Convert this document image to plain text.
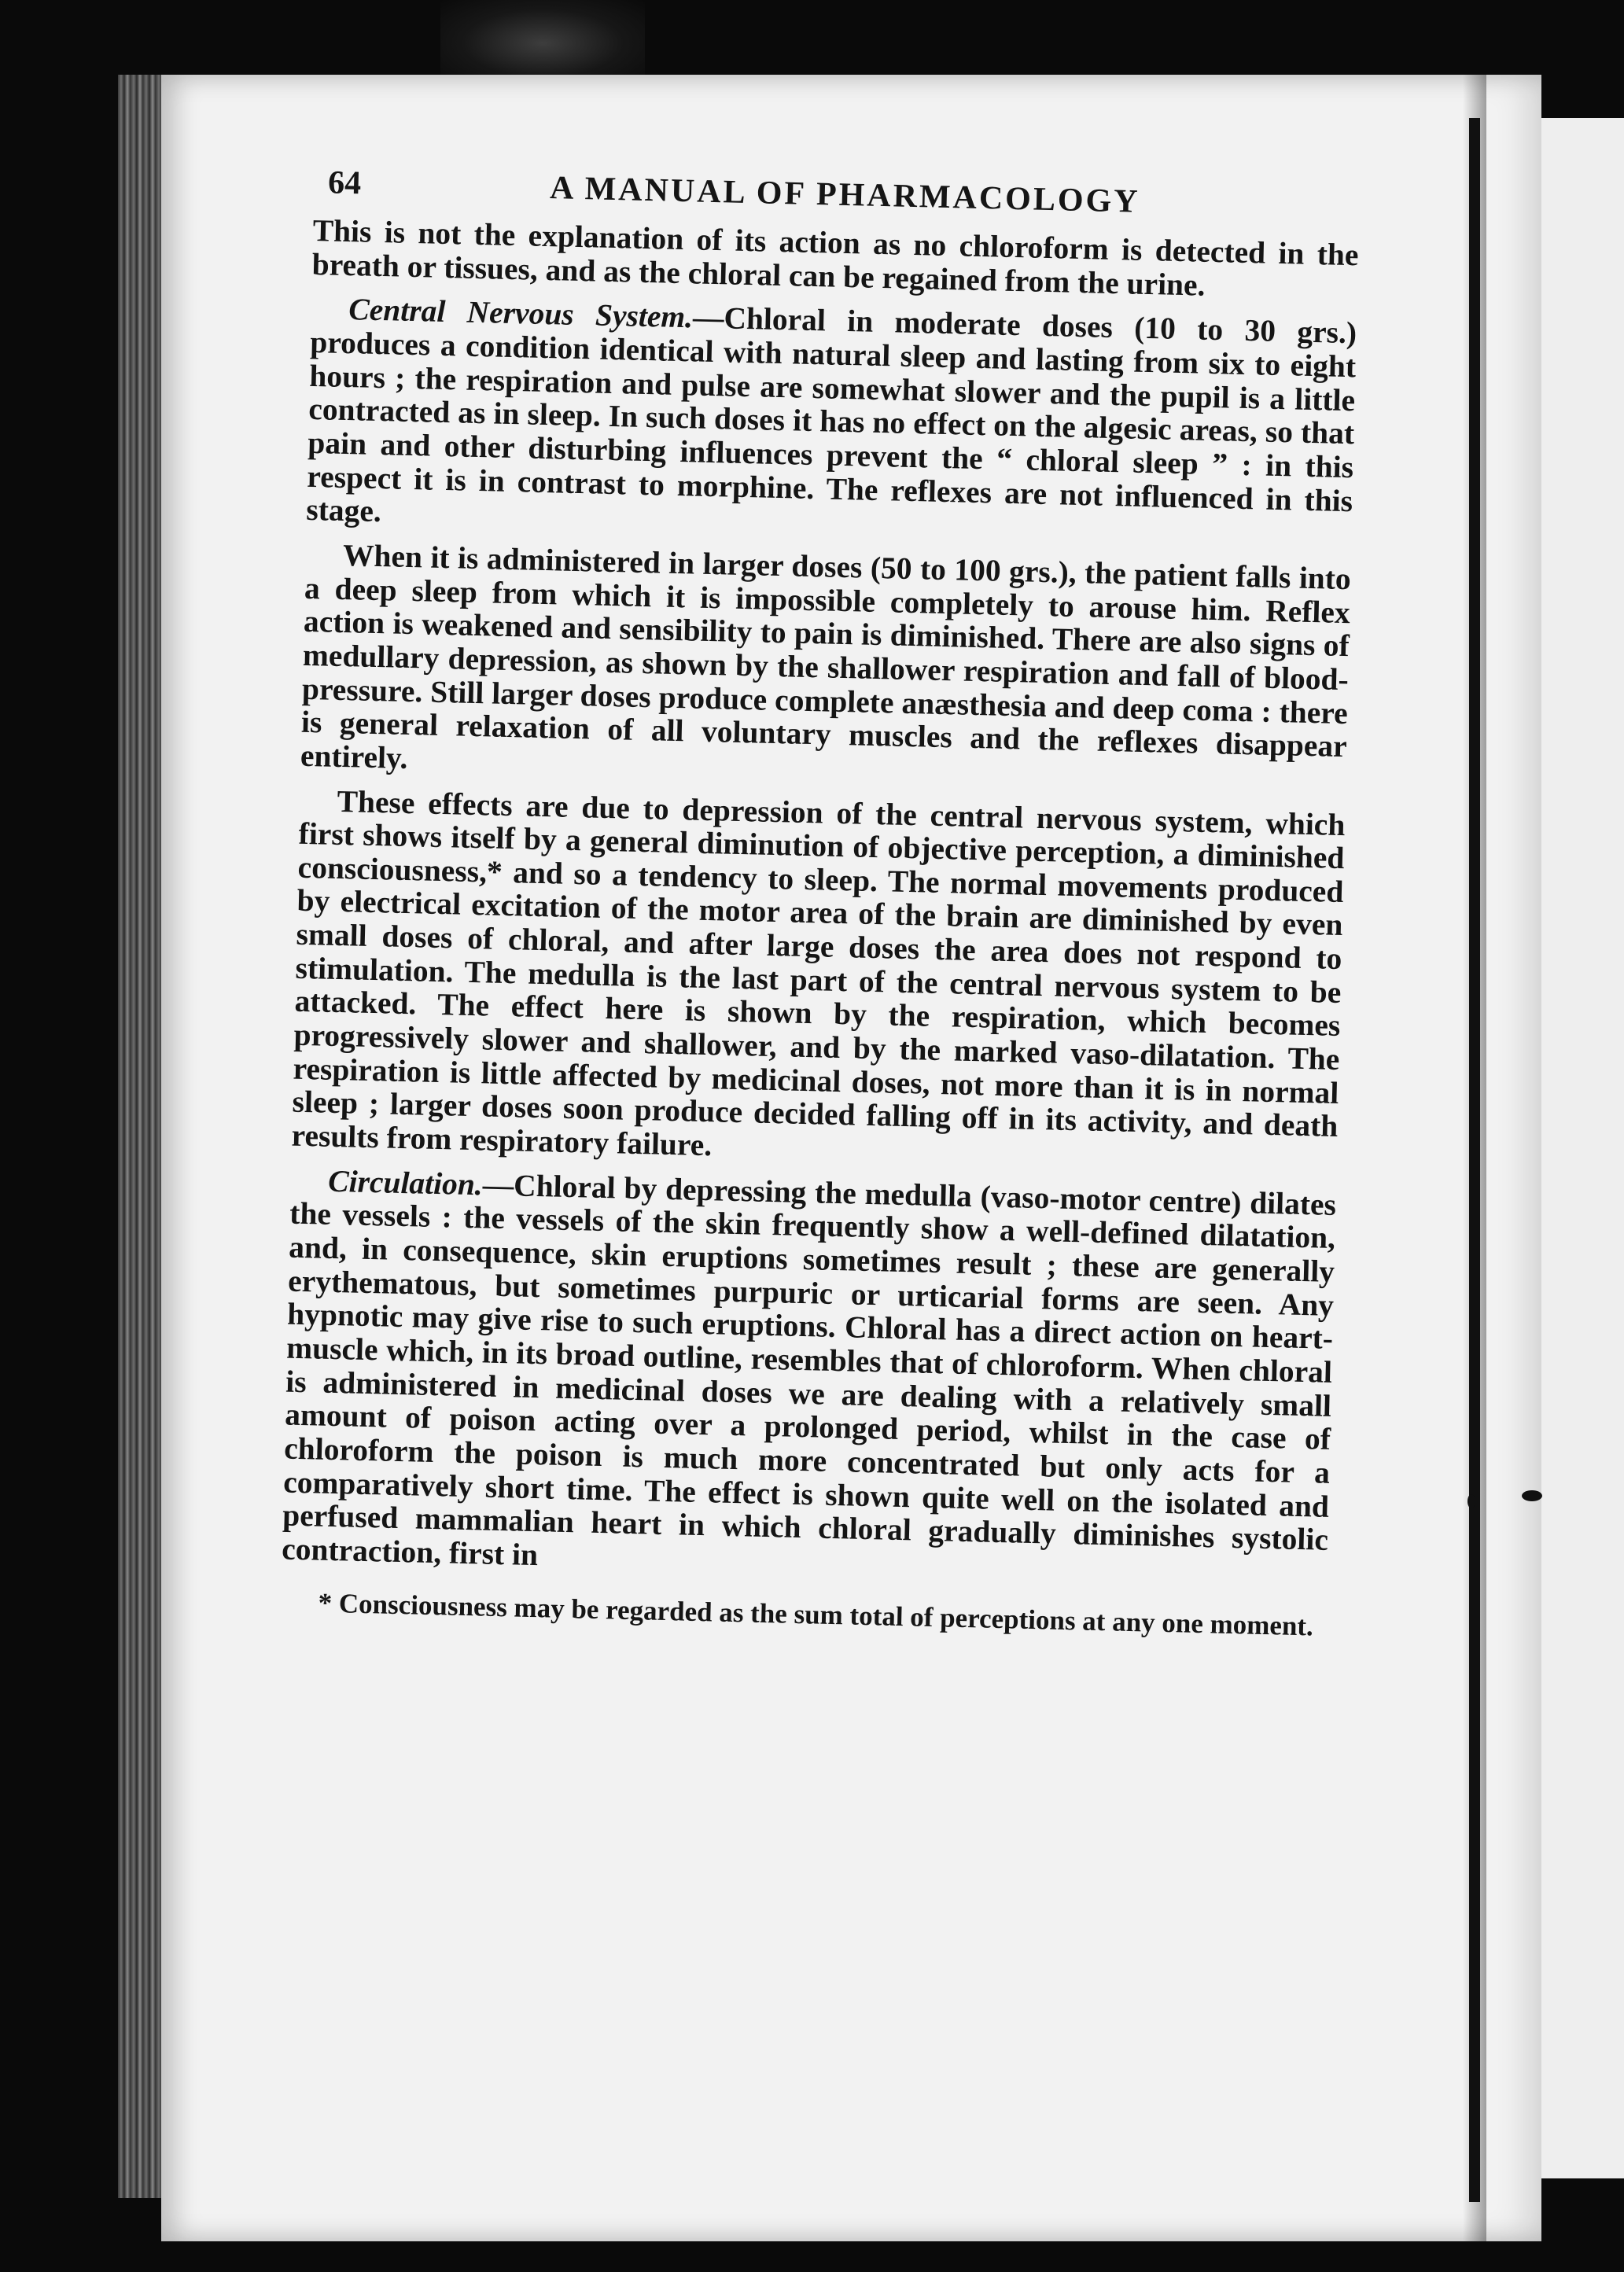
64	A MANUAL OF PHARMACOLOGY

This is not the explanation of its action as no chloroform is detected in the breath or tissues, and as the chloral can be regained from the urine.

Central Nervous System.—Chloral in moderate doses (10 to 30 grs.) produces a condition identical with natural sleep and lasting from six to eight hours ; the respiration and pulse are somewhat slower and the pupil is a little contracted as in sleep. In such doses it has no effect on the algesic areas, so that pain and other disturbing influences prevent the “ chloral sleep ” : in this respect it is in contrast to morphine. The reflexes are not influenced in this stage.

When it is administered in larger doses (50 to 100 grs.), the patient falls into a deep sleep from which it is impossible completely to arouse him. Reflex action is weakened and sensibility to pain is diminished. There are also signs of medullary depression, as shown by the shallower respiration and fall of blood-pressure. Still larger doses produce complete anæsthesia and deep coma : there is general relaxation of all voluntary muscles and the reflexes disappear entirely.

These effects are due to depression of the central nervous system, which first shows itself by a general diminution of objective perception, a diminished consciousness,* and so a tendency to sleep. The normal movements produced by electrical excitation of the motor area of the brain are diminished by even small doses of chloral, and after large doses the area does not respond to stimulation. The medulla is the last part of the central nervous system to be attacked. The effect here is shown by the respiration, which becomes progressively slower and shallower, and by the marked vaso-dilatation. The respiration is little affected by medicinal doses, not more than it is in normal sleep ; larger doses soon produce decided falling off in its activity, and death results from respiratory failure.

Circulation.—Chloral by depressing the medulla (vaso-motor centre) dilates the vessels : the vessels of the skin frequently show a well-defined dilatation, and, in consequence, skin eruptions sometimes result ; these are generally erythematous, but sometimes purpuric or urticarial forms are seen. Any hypnotic may give rise to such eruptions. Chloral has a direct action on heart-muscle which, in its broad outline, resembles that of chloroform. When chloral is administered in medicinal doses we are dealing with a relatively small amount of poison acting over a prolonged period, whilst in the case of chloroform the poison is much more concentrated but only acts for a comparatively short time. The effect is shown quite well on the isolated and perfused mammalian heart in which chloral gradually diminishes systolic contraction, first in

* Consciousness may be regarded as the sum total of perceptions at any one moment.
